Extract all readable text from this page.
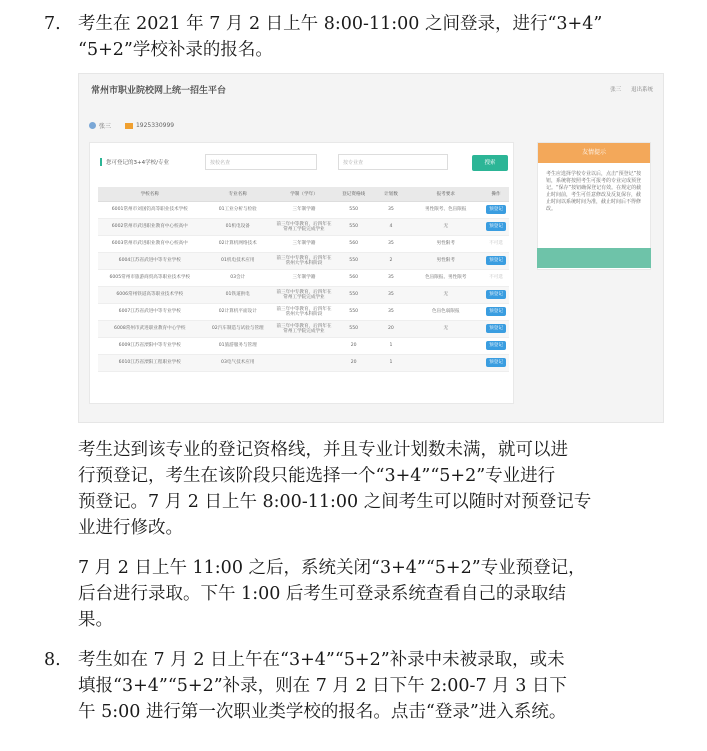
7. 考生在 2021 年 7 月 2 日上午 8:00-11:00 之间登录，进行“3+4”
“5+2”学校补录的报名。
常州市职业院校网上统一招生平台	张三 退出系统
张三	1925330999
您可登记的3+4学校/专业	按校名查	按专业查	搜索
学校名称	专业名称	学制（学年）	登记资格线	计划数	报考要求	操作
6001常州市刘国钧高等职业技术学校	01工业分析与检验	三年制学籍	550	35	男性限考、色盲限报	预登记
6002常州市武进职业教育中心校高中	01机电设备	前三年中等教育，后四年在常州工学院完成学业	550	4	无	预登记
6003常州市武进职业教育中心校高中	02计算机网络技术	三年制学籍	560	35	男性限考	不可选
6004江苏省武进中等专业学校	01机电技术应用	前三年中专教育，后四年在常州大学本科阶段	550	2	男性限考	预登记
6005常州市旅游商贸高等职业技术学校	03会计	三年制学籍	560	35	色盲限报、男性限考	不可选
6006常州铁道高等职业技术学校	01铁道供电	前三年中专教育，后四年在常州工学院完成学业	550	35	无	预登记
6007江苏省武进中等专业学校	02计算机平面设计	前三年中等教育，后四年在常州大学本科阶段	550	35	色盲色弱限报	预登记
6008常州市武进职业教育中心学校	02汽车制造与试验与管理	前三年中等教育，后四年在常州工学院完成学业	550	20	无	预登记
6009江苏省溧阳中等专业学校	01旅游服务与管理		20	1		预登记
6010江苏省溧阳工程职业学校	03电气技术应用		20	1		预登记
友情提示
考生应选择学校专业以后，点击“预登记”按钮，系统将按照考生可报考的专业完成预登记。“保存”按钮确保登记有效。在规定的截止时间前，考生可任意修改及反复保存，截止时间以系统时间为准，截止时间后不得修改。
考生达到该专业的登记资格线，并且专业计划数未满，就可以进
行预登记，考生在该阶段只能选择一个“3+4”“5+2”专业进行
预登记。7 月 2 日上午 8:00-11:00 之间考生可以随时对预登记专
业进行修改。
7 月 2 日上午 11:00 之后，系统关闭“3+4”“5+2”专业预登记，
后台进行录取。下午 1:00 后考生可登录系统查看自己的录取结
果。
8. 考生如在 7 月 2 日上午在“3+4”“5+2”补录中未被录取，或未
填报“3+4”“5+2”补录，则在 7 月 2 日下午 2:00-7 月 3 日下
午 5:00 进行第一次职业类学校的报名。点击“登录”进入系统。
